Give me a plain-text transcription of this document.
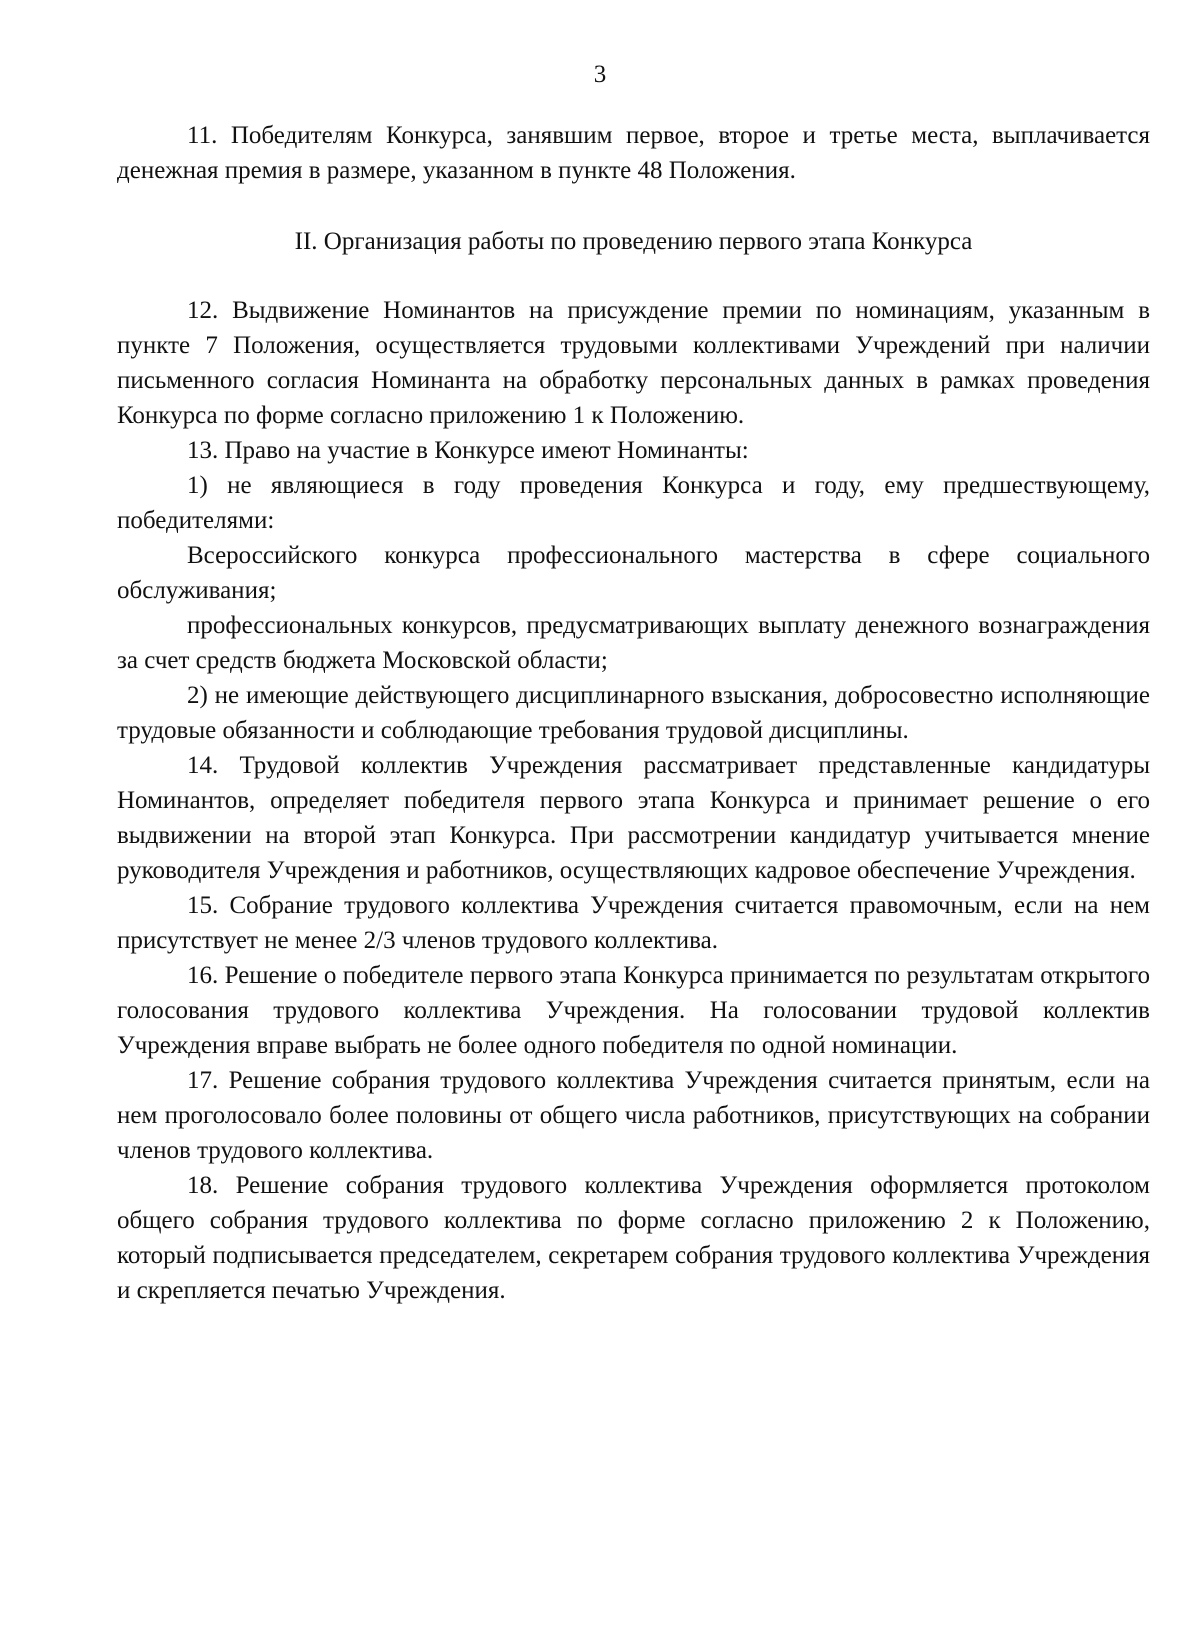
3

11. Победителям Конкурса, занявшим первое, второе и третье места, выплачивается денежная премия в размере, указанном в пункте 48 Положения.

II. Организация работы по проведению первого этапа Конкурса

12. Выдвижение Номинантов на присуждение премии по номинациям, указанным в пункте 7 Положения, осуществляется трудовыми коллективами Учреждений при наличии письменного согласия Номинанта на обработку персональных данных в рамках проведения Конкурса по форме согласно приложению 1 к Положению.

13. Право на участие в Конкурсе имеют Номинанты:

1) не являющиеся в году проведения Конкурса и году, ему предшествующему, победителями:

Всероссийского конкурса профессионального мастерства в сфере социального обслуживания;

профессиональных конкурсов, предусматривающих выплату денежного вознаграждения за счет средств бюджета Московской области;

2) не имеющие действующего дисциплинарного взыскания, добросовестно исполняющие трудовые обязанности и соблюдающие требования трудовой дисциплины.

14. Трудовой коллектив Учреждения рассматривает представленные кандидатуры Номинантов, определяет победителя первого этапа Конкурса и принимает решение о его выдвижении на второй этап Конкурса. При рассмотрении кандидатур учитывается мнение руководителя Учреждения и работников, осуществляющих кадровое обеспечение Учреждения.

15. Собрание трудового коллектива Учреждения считается правомочным, если на нем присутствует не менее 2/3 членов трудового коллектива.

16. Решение о победителе первого этапа Конкурса принимается по результатам открытого голосования трудового коллектива Учреждения. На голосовании трудовой коллектив Учреждения вправе выбрать не более одного победителя по одной номинации.

17. Решение собрания трудового коллектива Учреждения считается принятым, если на нем проголосовало более половины от общего числа работников, присутствующих на собрании членов трудового коллектива.

18. Решение собрания трудового коллектива Учреждения оформляется протоколом общего собрания трудового коллектива по форме согласно приложению 2 к Положению, который подписывается председателем, секретарем собрания трудового коллектива Учреждения и скрепляется печатью Учреждения.
